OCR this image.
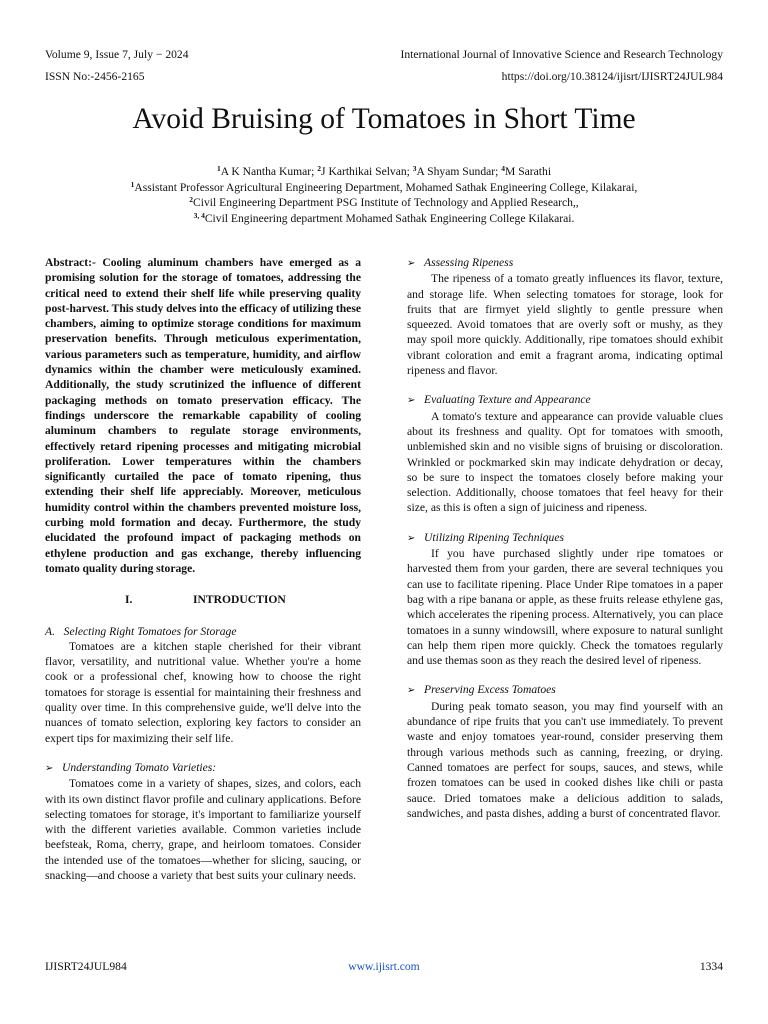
Volume 9, Issue 7, July − 2024	International Journal of Innovative Science and Research Technology
ISSN No:-2456-2165	https://doi.org/10.38124/ijisrt/IJISRT24JUL984
Avoid Bruising of Tomatoes in Short Time
$^1$A K Nantha Kumar; $^2$J Karthikai Selvan; $^3$A Shyam Sundar; $^4$M Sarathi
$^1$Assistant Professor Agricultural Engineering Department, Mohamed Sathak Engineering College, Kilakarai,
$^2$Civil Engineering Department PSG Institute of Technology and Applied Research,,
$^{3, 4}$Civil Engineering department Mohamed Sathak Engineering College Kilakarai.

Abstract:- Cooling aluminum chambers have emerged as a promising solution for the storage of tomatoes, addressing the critical need to extend their shelf life while preserving quality post-harvest. This study delves into the efficacy of utilizing these chambers, aiming to optimize storage conditions for maximum preservation benefits. Through meticulous experimentation, various parameters such as temperature, humidity, and airflow dynamics within the chamber were meticulously examined. Additionally, the study scrutinized the influence of different packaging methods on tomato preservation efficacy. The findings underscore the remarkable capability of cooling aluminum chambers to regulate storage environments, effectively retard ripening processes and mitigating microbial proliferation. Lower temperatures within the chambers significantly curtailed the pace of tomato ripening, thus extending their shelf life appreciably. Moreover, meticulous humidity control within the chambers prevented moisture loss, curbing mold formation and decay. Furthermore, the study elucidated the profound impact of packaging methods on ethylene production and gas exchange, thereby influencing tomato quality during storage.

I.	INTRODUCTION
A.   Selecting Right Tomatoes for Storage

Tomatoes are a kitchen staple cherished for their vibrant flavor, versatility, and nutritional value. Whether you're a home cook or a professional chef, knowing how to choose the right tomatoes for storage is essential for maintaining their freshness and quality over time. In this comprehensive guide, we'll delve into the nuances of tomato selection, exploring key factors to consider an expert tips for maximizing their self life.

➢ Understanding Tomato Varieties:

Tomatoes come in a variety of shapes, sizes, and colors, each with its own distinct flavor profile and culinary applications. Before selecting tomatoes for storage, it's important to familiarize yourself with the different varieties available. Common varieties include beefsteak, Roma, cherry, grape, and heirloom tomatoes. Consider the intended use of the tomatoes—whether for slicing, saucing, or snacking—and choose a variety that best suits your culinary needs.

➢ Assessing Ripeness

The ripeness of a tomato greatly influences its flavor, texture, and storage life. When selecting tomatoes for storage, look for fruits that are firmyet yield slightly to gentle pressure when squeezed. Avoid tomatoes that are overly soft or mushy, as they may spoil more quickly. Additionally, ripe tomatoes should exhibit vibrant coloration and emit a fragrant aroma, indicating optimal ripeness and flavor.

➢ Evaluating Texture and Appearance

A tomato's texture and appearance can provide valuable clues about its freshness and quality. Opt for tomatoes with smooth, unblemished skin and no visible signs of bruising or discoloration. Wrinkled or pockmarked skin may indicate dehydration or decay, so be sure to inspect the tomatoes closely before making your selection. Additionally, choose tomatoes that feel heavy for their size, as this is often a sign of juiciness and ripeness.

➢ Utilizing Ripening Techniques

If you have purchased slightly under ripe tomatoes or harvested them from your garden, there are several techniques you can use to facilitate ripening. Place Under Ripe tomatoes in a paper bag with a ripe banana or apple, as these fruits release ethylene gas, which accelerates the ripening process. Alternatively, you can place tomatoes in a sunny windowsill, where exposure to natural sunlight can help them ripen more quickly. Check the tomatoes regularly and use themas soon as they reach the desired level of ripeness.

➢ Preserving Excess Tomatoes

During peak tomato season, you may find yourself with an abundance of ripe fruits that you can't use immediately. To prevent waste and enjoy tomatoes year-round, consider preserving them through various methods such as canning, freezing, or drying. Canned tomatoes are perfect for soups, sauces, and stews, while frozen tomatoes can be used in cooked dishes like chili or pasta sauce. Dried tomatoes make a delicious addition to salads, sandwiches, and pasta dishes, adding a burst of concentrated flavor.

IJISRT24JUL984	www.ijisrt.com	1334
